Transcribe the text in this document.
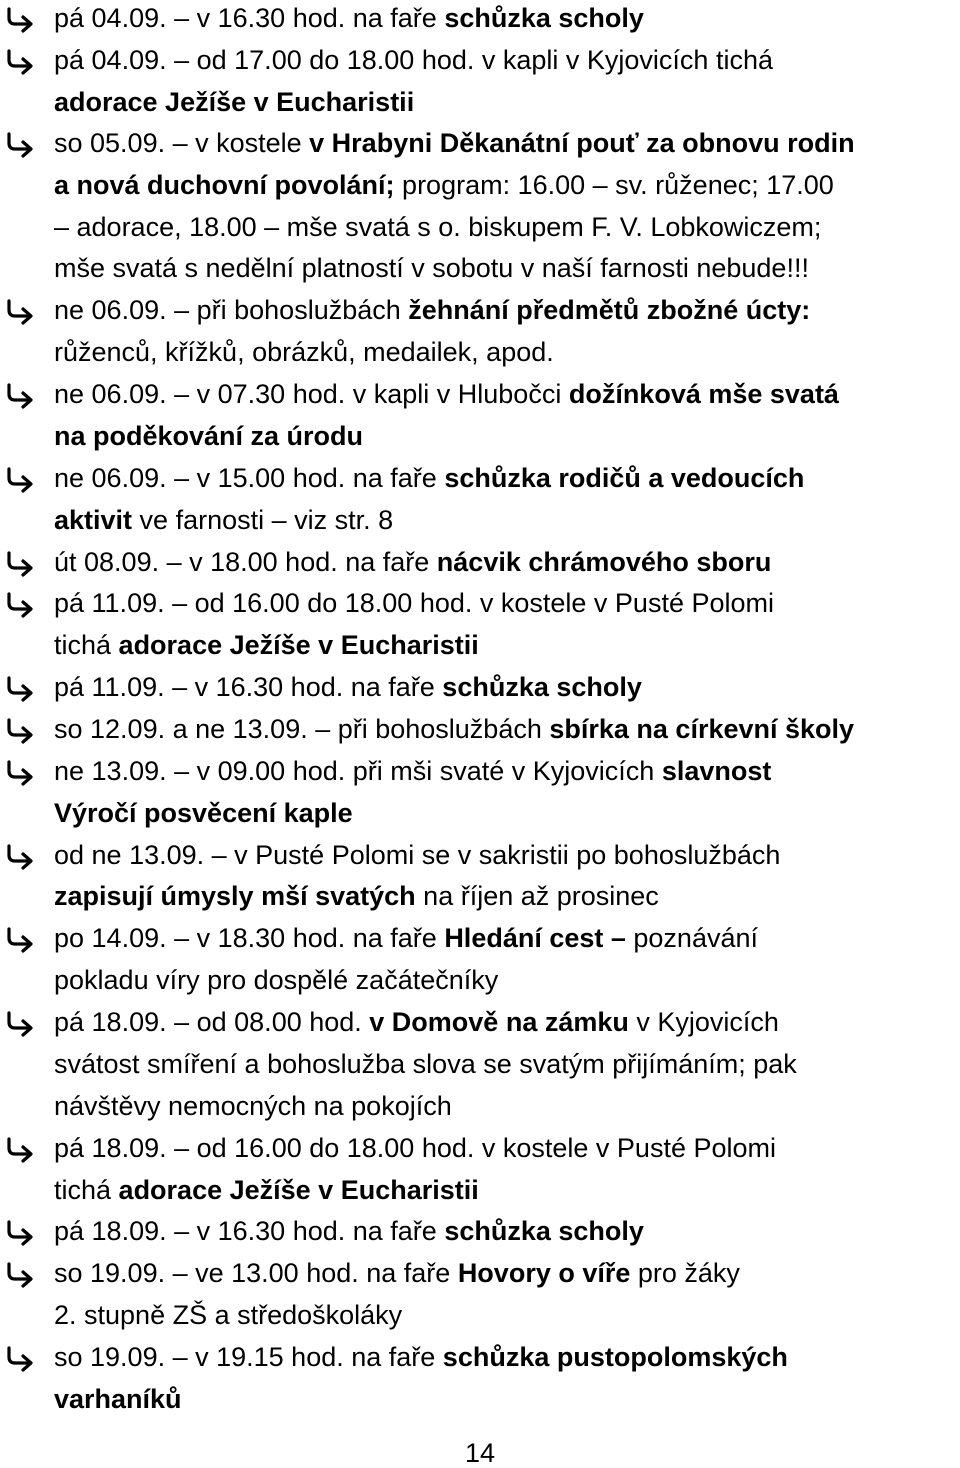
pá 04.09. – v 16.30 hod. na faře schůzka scholy
pá 04.09. – od 17.00 do 18.00 hod. v kapli v Kyjovicích tichá
adorace Ježíše v Eucharistii
so 05.09. – v kostele v Hrabyni Děkanátní pouť za obnovu rodin
a nová duchovní povolání; program: 16.00 – sv. růženec; 17.00
– adorace, 18.00 – mše svatá s o. biskupem F. V. Lobkowiczem;
mše svatá s nedělní platností v sobotu v naší farnosti nebude!!!
ne 06.09. – při bohoslužbách žehnání předmětů zbožné úcty:
růženců, křížků, obrázků, medailek, apod.
ne 06.09. – v 07.30 hod. v kapli v Hlubočci dožínková mše svatá
na poděkování za úrodu
ne 06.09. – v 15.00 hod. na faře schůzka rodičů a vedoucích
aktivit ve farnosti – viz str. 8
út 08.09. – v 18.00 hod. na faře nácvik chrámového sboru
pá 11.09. – od 16.00 do 18.00 hod. v kostele v Pusté Polomi
tichá adorace Ježíše v Eucharistii
pá 11.09. – v 16.30 hod. na faře schůzka scholy
so 12.09. a ne 13.09. – při bohoslužbách sbírka na církevní školy
ne 13.09. – v 09.00 hod. při mši svaté v Kyjovicích slavnost
Výročí posvěcení kaple
od ne 13.09. – v Pusté Polomi se v sakristii po bohoslužbách
zapisují úmysly mší svatých na říjen až prosinec
po 14.09. – v 18.30 hod. na faře Hledání cest – poznávání
pokladu víry pro dospělé začátečníky
pá 18.09. – od 08.00 hod. v Domově na zámku v Kyjovicích
svátost smíření a bohoslužba slova se svatým přijímáním; pak
návštěvy nemocných na pokojích
pá 18.09. – od 16.00 do 18.00 hod. v kostele v Pusté Polomi
tichá adorace Ježíše v Eucharistii
pá 18.09. – v 16.30 hod. na faře schůzka scholy
so 19.09. – ve 13.00 hod. na faře Hovory o víře pro žáky
2. stupně ZŠ a středoškoláky
so 19.09. – v 19.15 hod. na faře schůzka pustopolomských
varhaníků
14
